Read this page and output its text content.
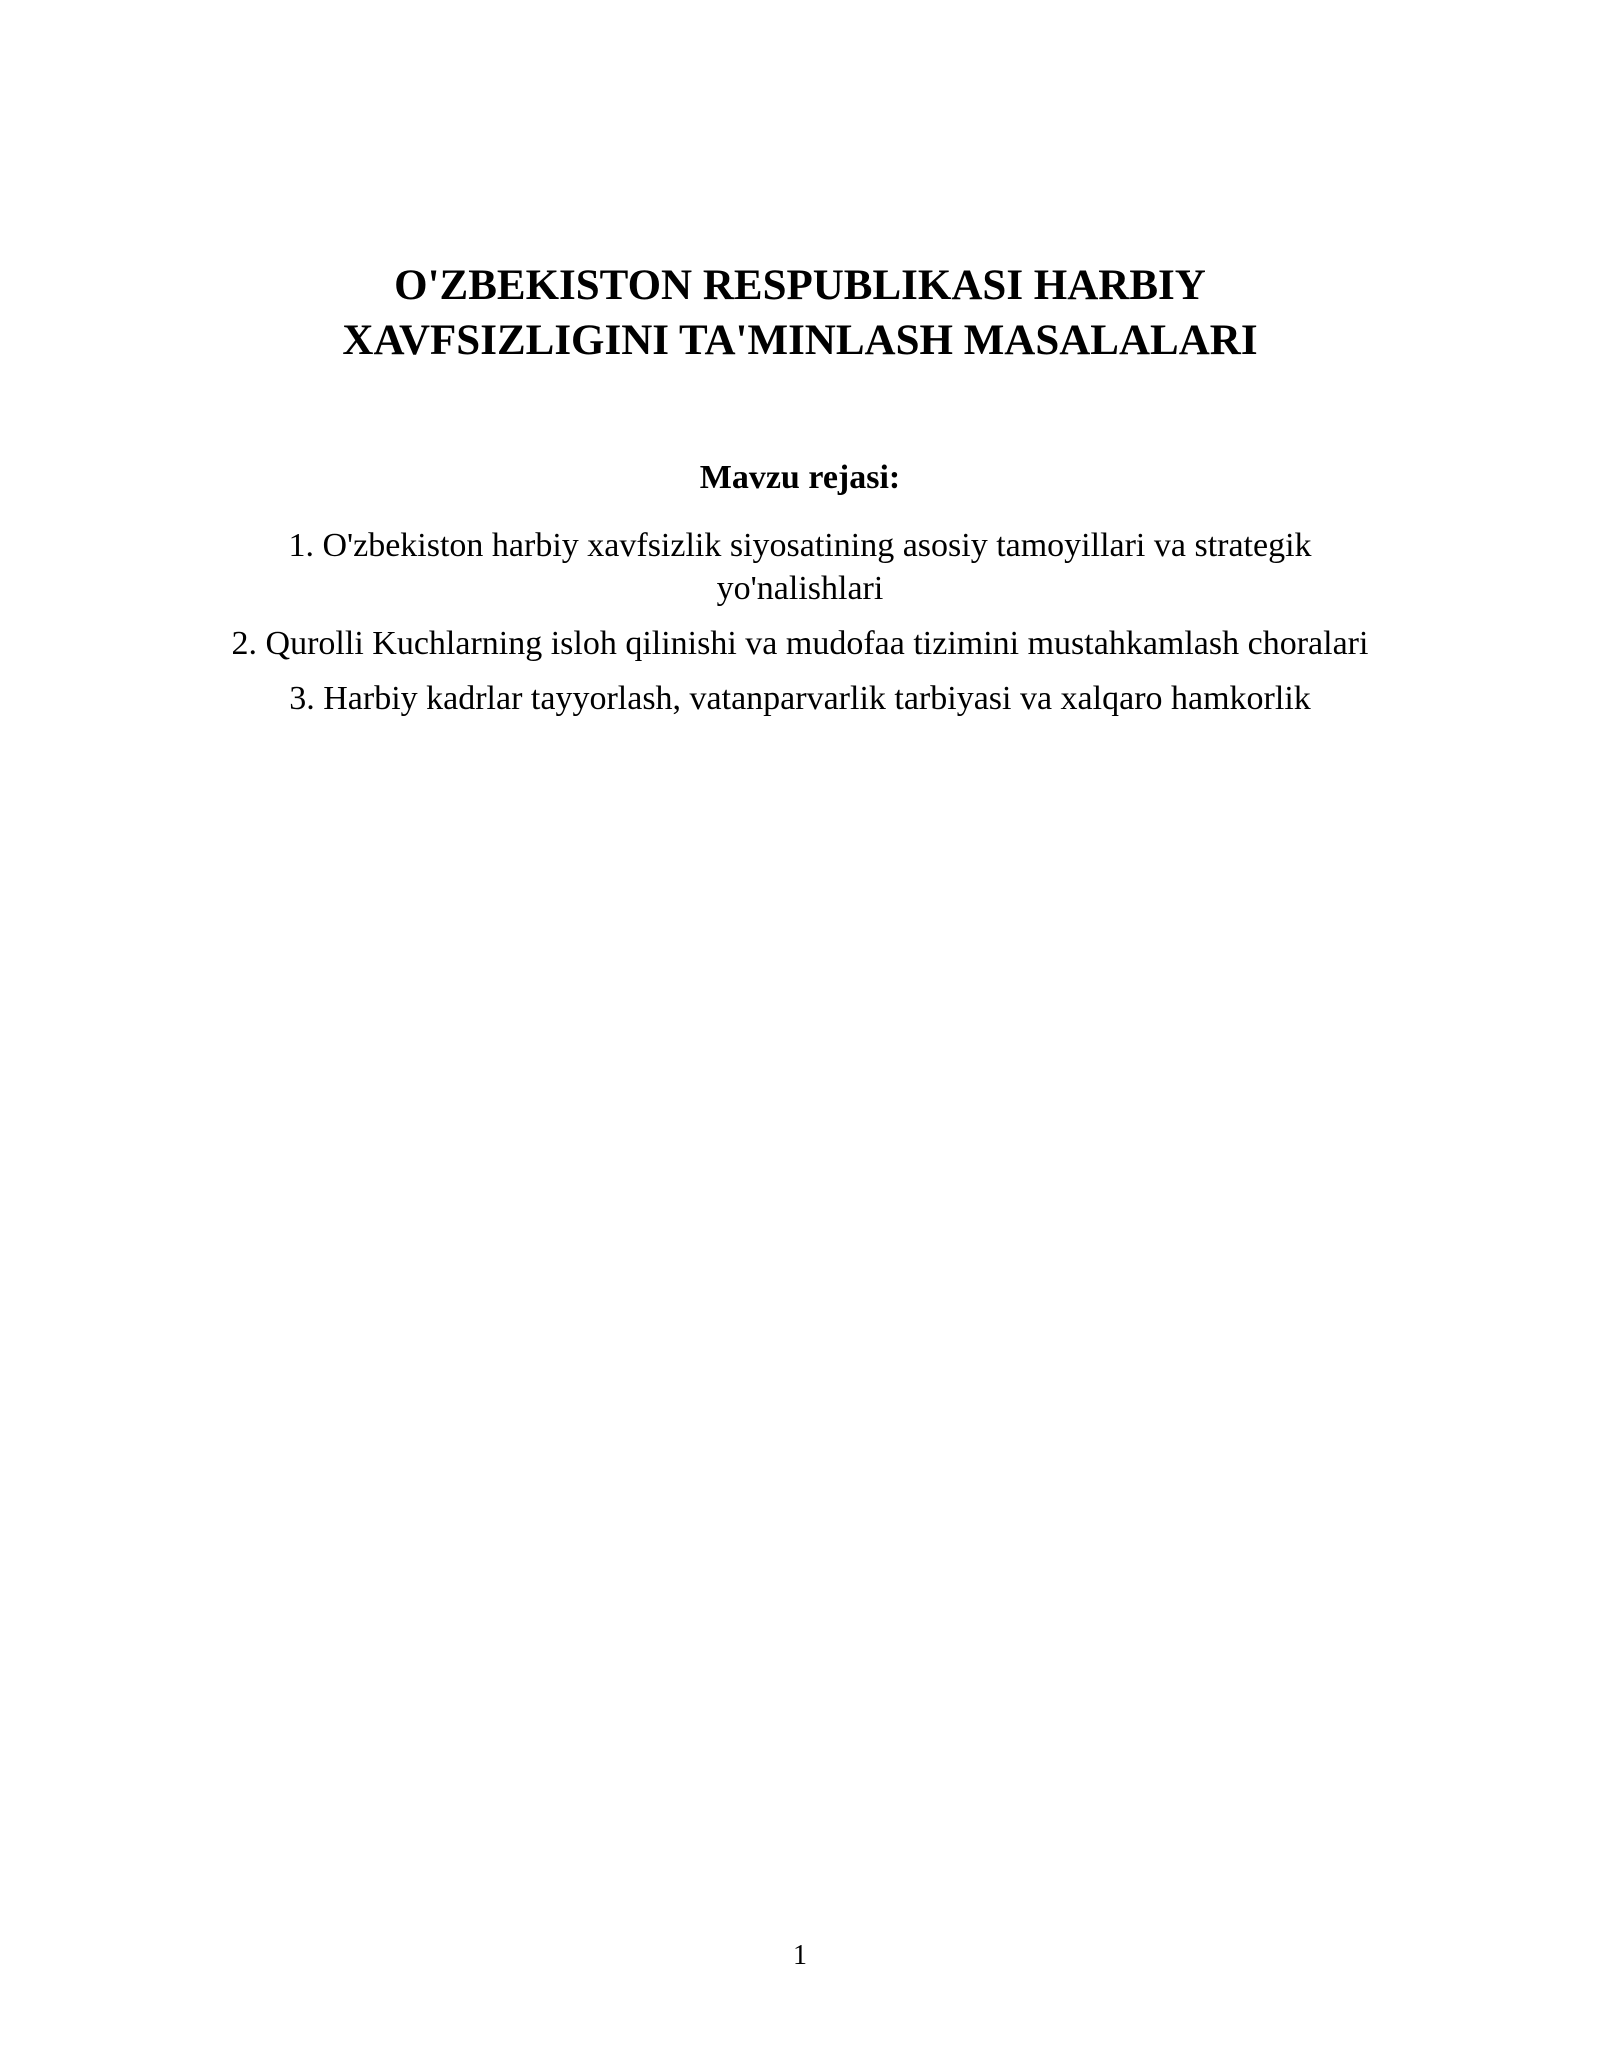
O'ZBEKISTON RESPUBLIKASI HARBIY
XAVFSIZLIGINI TA'MINLASH MASALALARI
Mavzu rejasi:
1. O'zbekiston harbiy xavfsizlik siyosatining asosiy tamoyillari va strategik yo'nalishlari
2. Qurolli Kuchlarning isloh qilinishi va mudofaa tizimini mustahkamlash choralari
3. Harbiy kadrlar tayyorlash, vatanparvarlik tarbiyasi va xalqaro hamkorlik
1
